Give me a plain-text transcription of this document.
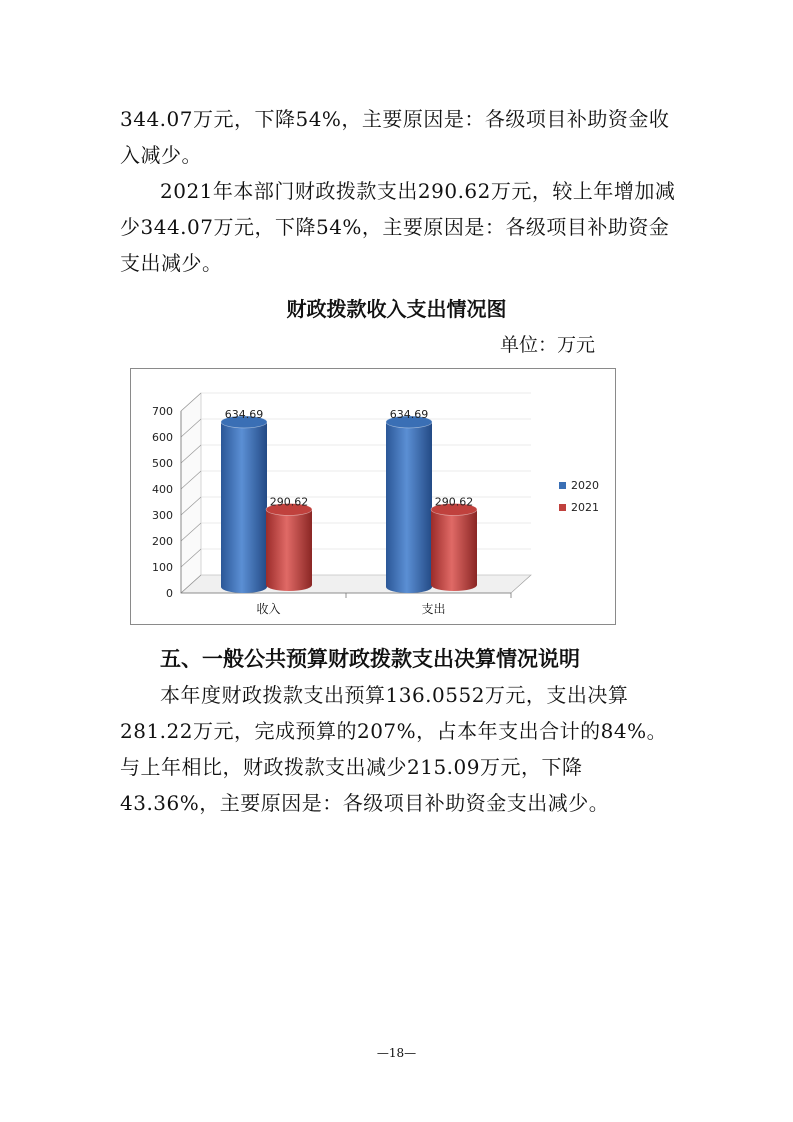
344.07万元，下降54%，主要原因是：各级项目补助资金收入减少。

2021年本部门财政拨款支出290.62万元，较上年增加减少344.07万元，下降54%，主要原因是：各级项目补助资金支出减少。

财政拨款收入支出情况图
单位：万元
0
100
200
300
400
500
600
700	634.69
290.62
收入
634.69
290.62
支出
2020
2021
五、一般公共预算财政拨款支出决算情况说明

本年度财政拨款支出预算136.0552万元，支出决算281.22万元，完成预算的207%，占本年支出合计的84%。与上年相比，财政拨款支出减少215.09万元，下降43.36%，主要原因是：各级项目补助资金支出减少。

—18—
